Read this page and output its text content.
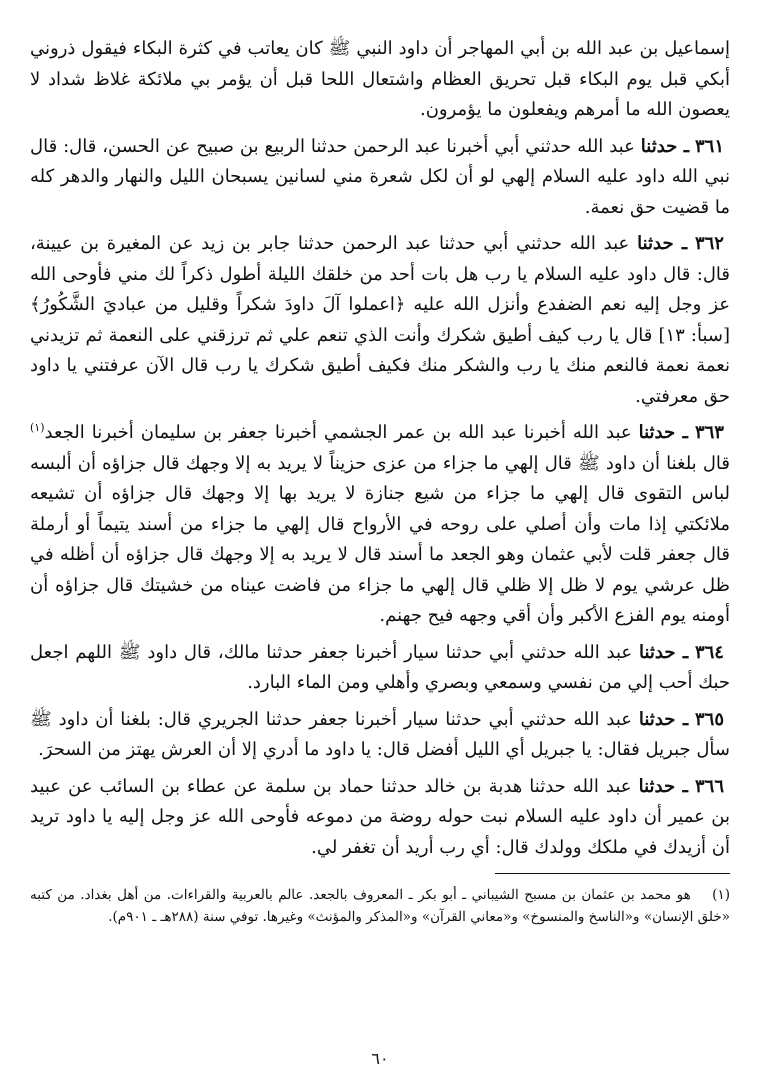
إسماعيل بن عبد الله بن أبي المهاجر أن داود النبي ﷺ كان يعاتب في كثرة البكاء فيقول ذروني أبكي قبل يوم البكاء قبل تحريق العظام واشتعال اللحا قبل أن يؤمر بي ملائكة غلاظ شداد لا يعصون الله ما أمرهم ويفعلون ما يؤمرون.

٣٦١ ـ حدثنا عبد الله حدثني أبي أخبرنا عبد الرحمن حدثنا الربيع بن صبيح عن الحسن، قال: قال نبي الله داود عليه السلام إلهي لو أن لكل شعرة مني لسانين يسبحان الليل والنهار والدهر كله ما قضيت حق نعمة.

٣٦٢ ـ حدثنا عبد الله حدثني أبي حدثنا عبد الرحمن حدثنا جابر بن زيد عن المغيرة بن عيينة، قال: قال داود عليه السلام يا رب هل بات أحد من خلقك الليلة أطول ذكراً لك مني فأوحى الله عز وجل إليه نعم الضفدع وأنزل الله عليه ﴿اعملوا آلَ داودَ شكراً وقليل من عباديَ الشَّكُورُ﴾ [سبأ: ١٣] قال يا رب كيف أطيق شكرك وأنت الذي تنعم علي ثم ترزقني على النعمة ثم تزيدني نعمة نعمة فالنعم منك يا رب والشكر منك فكيف أطيق شكرك يا رب قال الآن عرفتني يا داود حق معرفتي.

٣٦٣ ـ حدثنا عبد الله أخبرنا عبد الله بن عمر الجشمي أخبرنا جعفر بن سليمان أخبرنا الجعد$^{(١)}$ قال بلغنا أن داود ﷺ قال إلهي ما جزاء من عزى حزيناً لا يريد به إلا وجهك قال جزاؤه أن ألبسه لباس التقوى قال إلهي ما جزاء من شيع جنازة لا يريد بها إلا وجهك قال جزاؤه أن تشيعه ملائكتي إذا مات وأن أصلي على روحه في الأرواح قال إلهي ما جزاء من أسند يتيماً أو أرملة قال جعفر قلت لأبي عثمان وهو الجعد ما أسند قال لا يريد به إلا وجهك قال جزاؤه أن أظله في ظل عرشي يوم لا ظل إلا ظلي قال إلهي ما جزاء من فاضت عيناه من خشيتك قال جزاؤه أن أومنه يوم الفزع الأكبر وأن أقي وجهه فيح جهنم.

٣٦٤ ـ حدثنا عبد الله حدثني أبي حدثنا سيار أخبرنا جعفر حدثنا مالك، قال داود ﷺ اللهم اجعل حبك أحب إلي من نفسي وسمعي وبصري وأهلي ومن الماء البارد.

٣٦٥ ـ حدثنا عبد الله حدثني أبي حدثنا سيار أخبرنا جعفر حدثنا الجريري قال: بلغنا أن داود ﷺ سأل جبريل فقال: يا جبريل أي الليل أفضل قال: يا داود ما أدري إلا أن العرش يهتز من السحرَ.

٣٦٦ ـ حدثنا عبد الله حدثنا هدبة بن خالد حدثنا حماد بن سلمة عن عطاء بن السائب عن عبيد بن عمير أن داود عليه السلام نبت حوله روضة من دموعه فأوحى الله عز وجل إليه يا داود تريد أن أزيدك في ملكك وولدك قال: أي رب أريد أن تغفر لي.

(١) هو محمد بن عثمان بن مسبح الشيباني ـ أبو بكر ـ المعروف بالجعد. عالم بالعربية والقراءات. من أهل بغداد. من كتبه «خلق الإنسان» و«الناسخ والمنسوخ» و«معاني القرآن» و«المذكر والمؤنث» وغيرها. توفي سنة (٢٨٨هـ ـ ٩٠١م).

٦٠
